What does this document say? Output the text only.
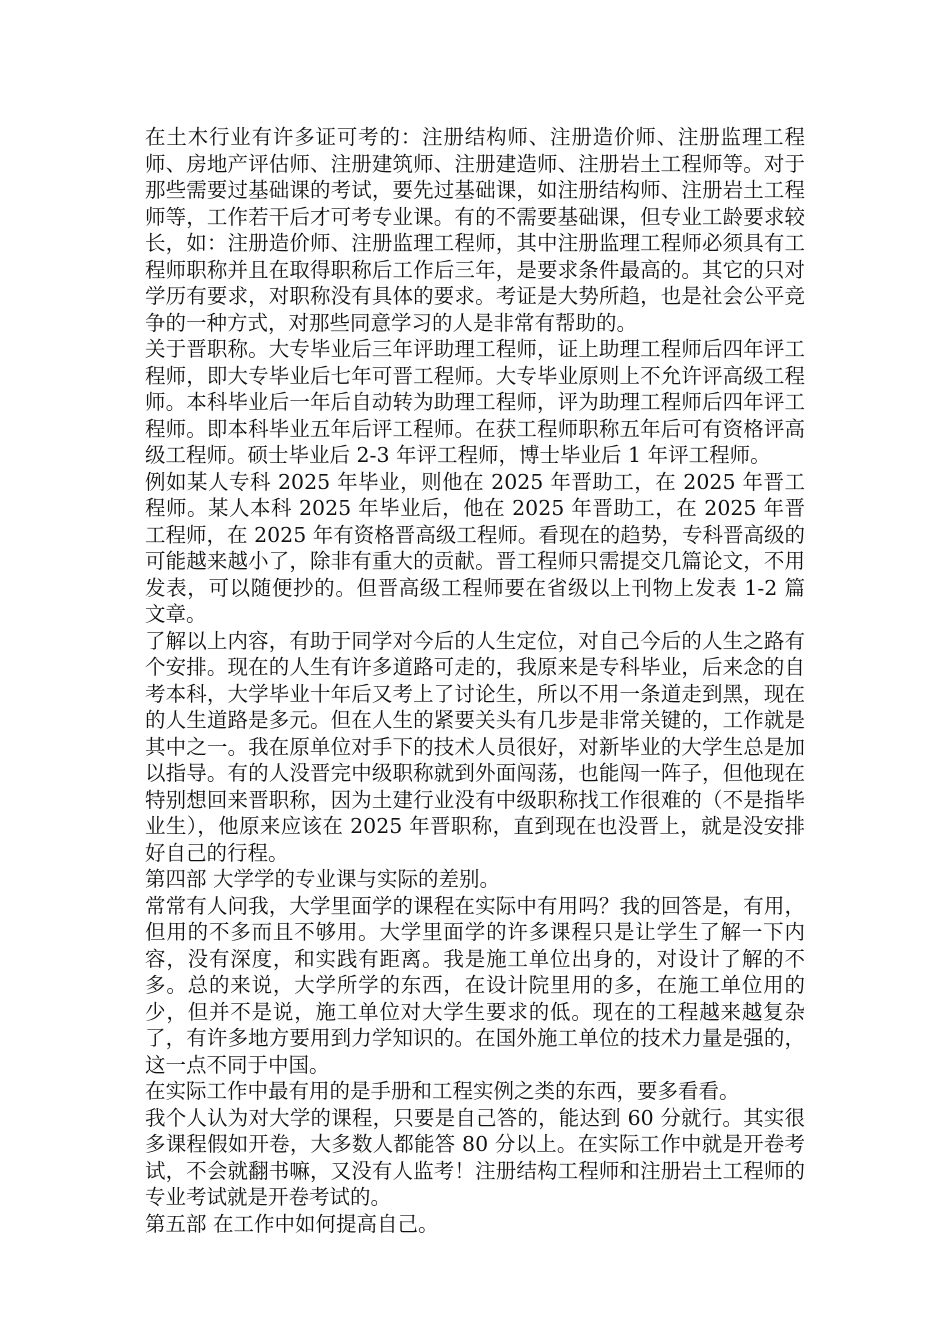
在土木行业有许多证可考的：注册结构师、注册造价师、注册监理工程师、房地产评估师、注册建筑师、注册建造师、注册岩土工程师等。对于那些需要过基础课的考试，要先过基础课，如注册结构师、注册岩土工程师等，工作若干后才可考专业课。有的不需要基础课，但专业工龄要求较长，如：注册造价师、注册监理工程师，其中注册监理工程师必须具有工程师职称并且在取得职称后工作后三年，是要求条件最高的。其它的只对学历有要求，对职称没有具体的要求。考证是大势所趋，也是社会公平竞争的一种方式，对那些同意学习的人是非常有帮助的。

关于晋职称。大专毕业后三年评助理工程师，证上助理工程师后四年评工程师，即大专毕业后七年可晋工程师。大专毕业原则上不允许评高级工程师。本科毕业后一年后自动转为助理工程师，评为助理工程师后四年评工程师。即本科毕业五年后评工程师。在获工程师职称五年后可有资格评高级工程师。硕士毕业后 2-3 年评工程师，博士毕业后 1 年评工程师。

例如某人专科 2025 年毕业，则他在 2025 年晋助工，在 2025 年晋工程师。某人本科 2025 年毕业后，他在 2025 年晋助工，在 2025 年晋工程师，在 2025 年有资格晋高级工程师。看现在的趋势，专科晋高级的可能越来越小了，除非有重大的贡献。晋工程师只需提交几篇论文，不用发表，可以随便抄的。但晋高级工程师要在省级以上刊物上发表 1-2 篇文章。

了解以上内容，有助于同学对今后的人生定位，对自己今后的人生之路有个安排。现在的人生有许多道路可走的，我原来是专科毕业，后来念的自考本科，大学毕业十年后又考上了讨论生，所以不用一条道走到黑，现在的人生道路是多元。但在人生的紧要关头有几步是非常关键的，工作就是其中之一。我在原单位对手下的技术人员很好，对新毕业的大学生总是加以指导。有的人没晋完中级职称就到外面闯荡，也能闯一阵子，但他现在特别想回来晋职称，因为土建行业没有中级职称找工作很难的（不是指毕业生），他原来应该在 2025 年晋职称，直到现在也没晋上，就是没安排好自己的行程。

第四部 大学学的专业课与实际的差别。

常常有人问我，大学里面学的课程在实际中有用吗？我的回答是，有用，但用的不多而且不够用。大学里面学的许多课程只是让学生了解一下内容，没有深度，和实践有距离。我是施工单位出身的，对设计了解的不多。总的来说，大学所学的东西，在设计院里用的多，在施工单位用的少，但并不是说，施工单位对大学生要求的低。现在的工程越来越复杂了，有许多地方要用到力学知识的。在国外施工单位的技术力量是强的，这一点不同于中国。

在实际工作中最有用的是手册和工程实例之类的东西，要多看看。

我个人认为对大学的课程，只要是自己答的，能达到 60 分就行。其实很多课程假如开卷，大多数人都能答 80 分以上。在实际工作中就是开卷考试，不会就翻书嘛，又没有人监考！注册结构工程师和注册岩土工程师的专业考试就是开卷考试的。

第五部 在工作中如何提高自己。
